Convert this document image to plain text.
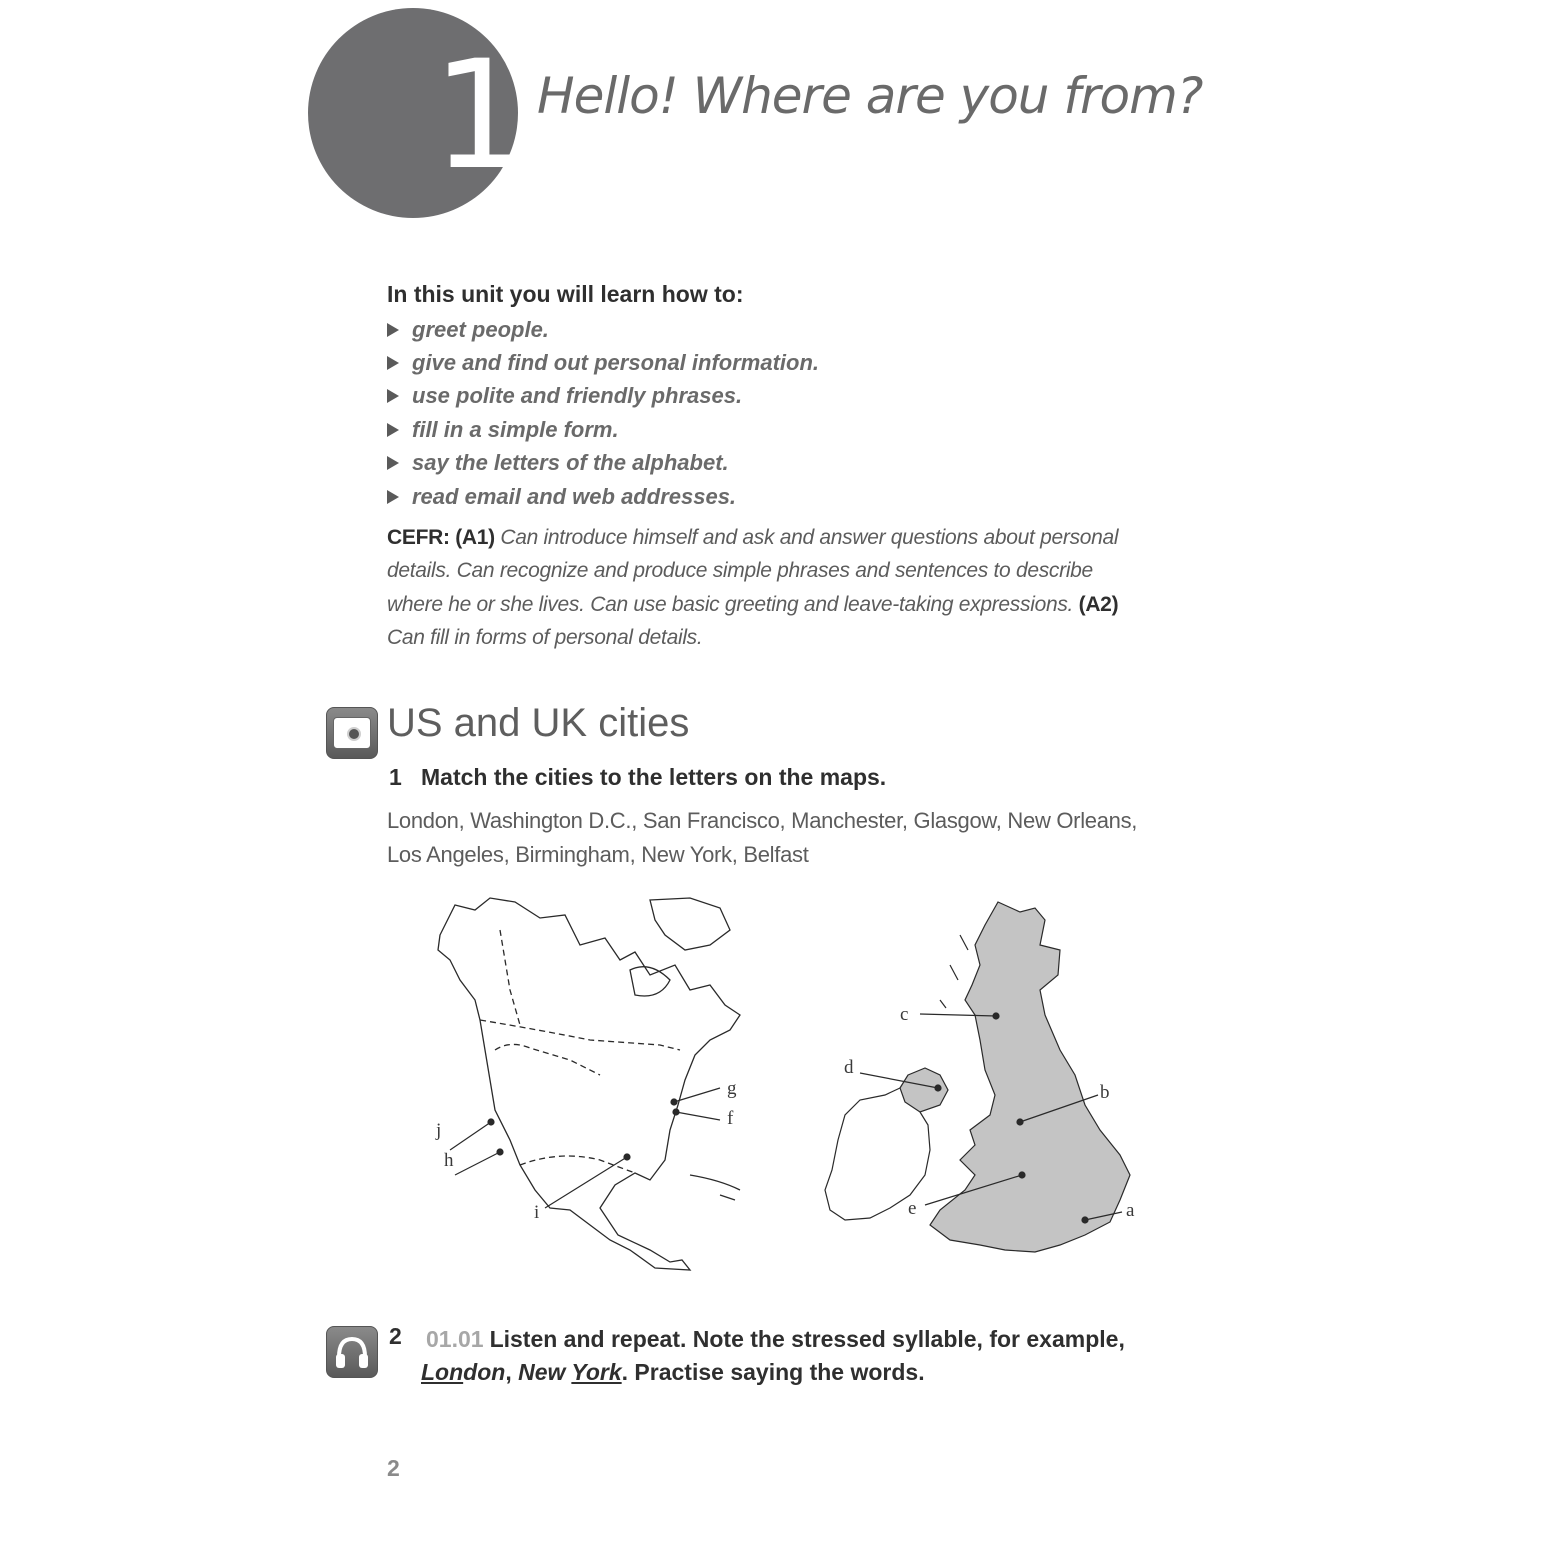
1 Hello! Where are you from?
In this unit you will learn how to:
greet people.
give and find out personal information.
use polite and friendly phrases.
fill in a simple form.
say the letters of the alphabet.
read email and web addresses.
CEFR: (A1) Can introduce himself and ask and answer questions about personal details. Can recognize and produce simple phrases and sentences to describe where he or she lives. Can use basic greeting and leave-taking expressions. (A2) Can fill in forms of personal details.
US and UK cities
1 Match the cities to the letters on the maps.
London, Washington D.C., San Francisco, Manchester, Glasgow, New Orleans, Los Angeles, Birmingham, New York, Belfast
g
f
j
h
i
c
d
b
e	a
2 01.01 Listen and repeat. Note the stressed syllable, for example,
London, New York. Practise saying the words.
2
